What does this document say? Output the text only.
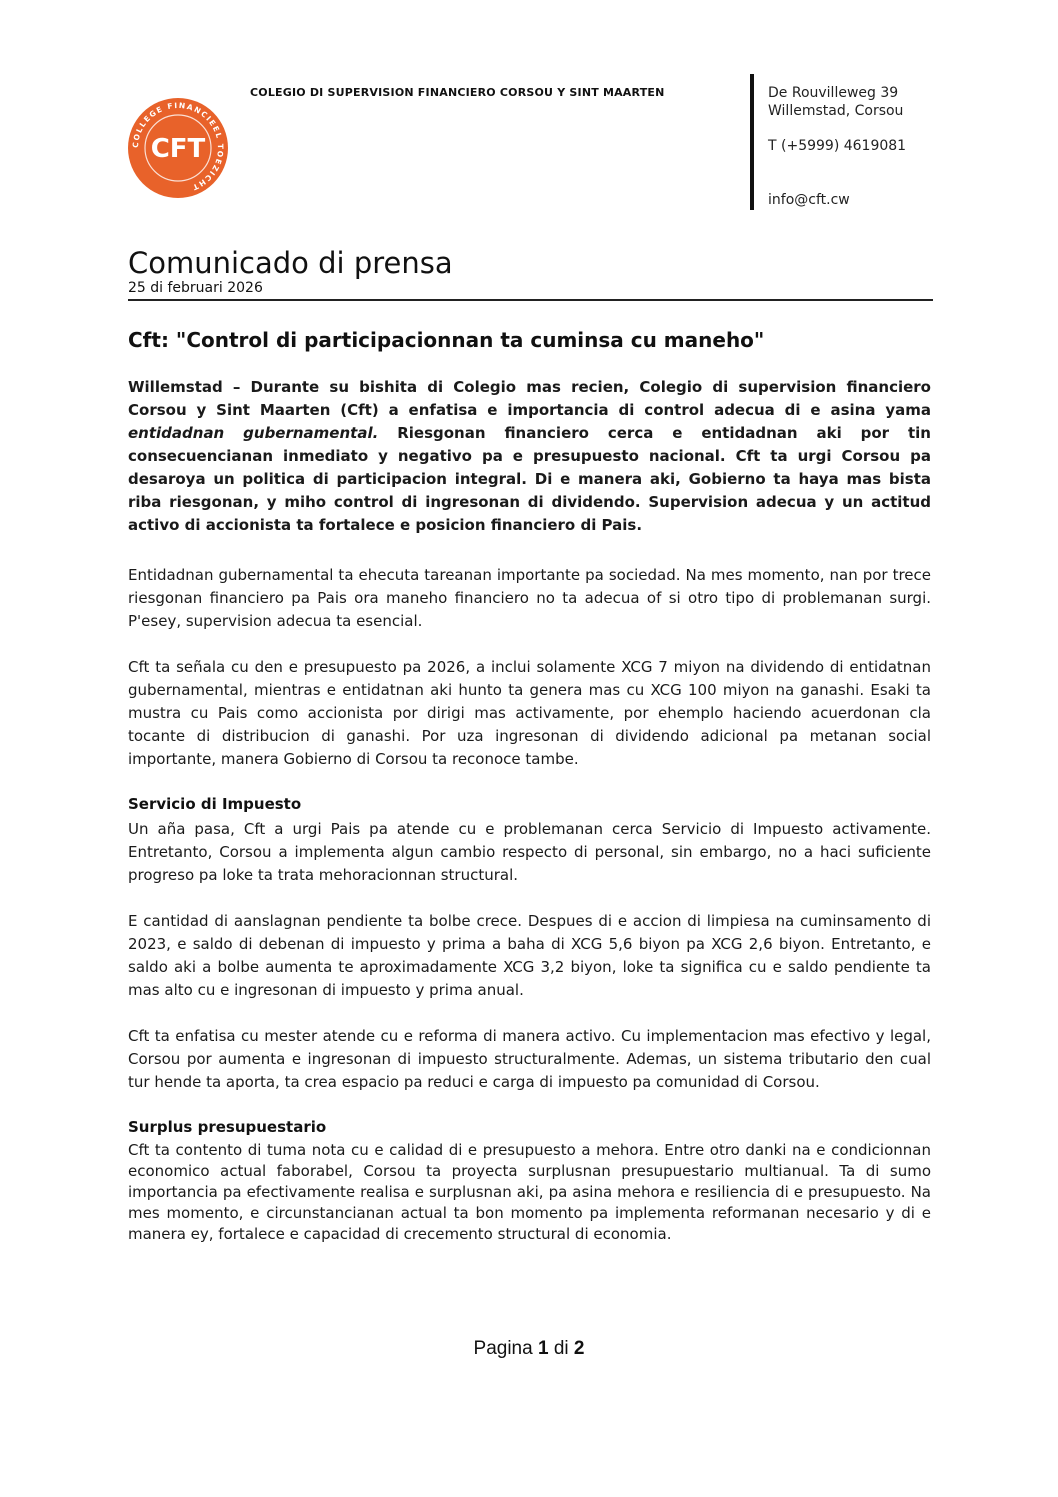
COLEGIO DI SUPERVISION FINANCIERO CORSOU Y SINT MAARTEN
COLLEGE FINANCIEEL TOEZICHT
CFT
De Rouvilleweg 39
Willemstad, Corsou
T (+5999) 4619081
info@cft.cw
Comunicado di prensa
25 di februari 2026
Cft: "Control di participacionnan ta cuminsa cu maneho"
Willemstad – Durante su bishita di Colegio mas recien, Colegio di supervision financiero Corsou y Sint Maarten (Cft) a enfatisa e importancia di control adecua di e asina yama entidadnan gubernamental. Riesgonan financiero cerca e entidadnan aki por tin consecuencianan inmediato y negativo pa e presupuesto nacional. Cft ta urgi Corsou pa desaroya un politica di participacion integral. Di e manera aki, Gobierno ta haya mas bista riba riesgonan, y miho control di ingresonan di dividendo. Supervision adecua y un actitud activo di accionista ta fortalece e posicion financiero di Pais.
Entidadnan gubernamental ta ehecuta tareanan importante pa sociedad. Na mes momento, nan por trece riesgonan financiero pa Pais ora maneho financiero no ta adecua of si otro tipo di problemanan surgi. P'esey, supervision adecua ta esencial.
Cft ta señala cu den e presupuesto pa 2026, a inclui solamente XCG 7 miyon na dividendo di entidatnan gubernamental, mientras e entidatnan aki hunto ta genera mas cu XCG 100 miyon na ganashi. Esaki ta mustra cu Pais como accionista por dirigi mas activamente, por ehemplo haciendo acuerdonan cla tocante di distribucion di ganashi. Por uza ingresonan di dividendo adicional pa metanan social importante, manera Gobierno di Corsou ta reconoce tambe.
Servicio di Impuesto
Un aña pasa, Cft a urgi Pais pa atende cu e problemanan cerca Servicio di Impuesto activamente. Entretanto, Corsou a implementa algun cambio respecto di personal, sin embargo, no a haci suficiente progreso pa loke ta trata mehoracionnan structural.
E cantidad di aanslagnan pendiente ta bolbe crece. Despues di e accion di limpiesa na cuminsamento di 2023, e saldo di debenan di impuesto y prima a baha di XCG 5,6 biyon pa XCG 2,6 biyon. Entretanto, e saldo aki a bolbe aumenta te aproximadamente XCG 3,2 biyon, loke ta significa cu e saldo pendiente ta mas alto cu e ingresonan di impuesto y prima anual.
Cft ta enfatisa cu mester atende cu e reforma di manera activo. Cu implementacion mas efectivo y legal, Corsou por aumenta e ingresonan di impuesto structuralmente. Ademas, un sistema tributario den cual tur hende ta aporta, ta crea espacio pa reduci e carga di impuesto pa comunidad di Corsou.
Surplus presupuestario
Cft ta contento di tuma nota cu e calidad di e presupuesto a mehora. Entre otro danki na e condicionnan economico actual faborabel, Corsou ta proyecta surplusnan presupuestario multianual. Ta di sumo importancia pa efectivamente realisa e surplusnan aki, pa asina mehora e resiliencia di e presupuesto. Na mes momento, e circunstancianan actual ta bon momento pa implementa reformanan necesario y di e manera ey, fortalece e capacidad di crecemento structural di economia.
Pagina 1 di 2
